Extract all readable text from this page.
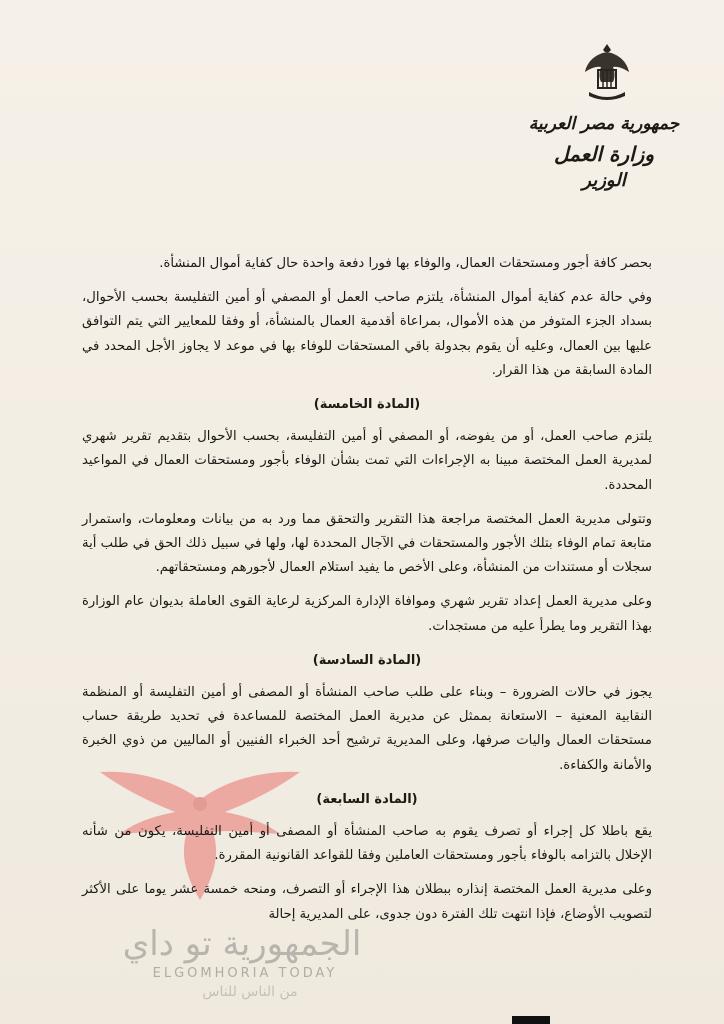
جمهورية مصر العربية
وزارة العمل
الوزير

بحصر كافة أجور ومستحقات العمال، والوفاء بها فورا دفعة واحدة حال كفاية أموال المنشأة.

وفي حالة عدم كفاية أموال المنشأة، يلتزم صاحب العمل أو المصفي أو أمين التفليسة بحسب الأحوال، بسداد الجزء المتوفر من هذه الأموال، بمراعاة أقدمية العمال بالمنشأة، أو وفقا للمعايير التي يتم التوافق عليها بين العمال، وعليه أن يقوم بجدولة باقي المستحقات للوفاء بها في موعد لا يجاوز الأجل المحدد في المادة السابقة من هذا القرار.

(المادة الخامسة)

يلتزم صاحب العمل، أو من يفوضه، أو المصفي أو أمين التفليسة، بحسب الأحوال بتقديم تقرير شهري لمديرية العمل المختصة مبينا به الإجراءات التي تمت بشأن الوفاء بأجور ومستحقات العمال في المواعيد المحددة.

وتتولى مديرية العمل المختصة مراجعة هذا التقرير والتحقق مما ورد به من بيانات ومعلومات، واستمرار متابعة تمام الوفاء بتلك الأجور والمستحقات في الآجال المحددة لها، ولها في سبيل ذلك الحق في طلب أية سجلات أو مستندات من المنشأة، وعلى الأخص ما يفيد استلام العمال لأجورهم ومستحقاتهم.

وعلى مديرية العمل إعداد تقرير شهري وموافاة الإدارة المركزية لرعاية القوى العاملة بديوان عام الوزارة بهذا التقرير وما يطرأ عليه من مستجدات.

(المادة السادسة)

يجوز في حالات الضرورة – وبناء على طلب صاحب المنشأة أو المصفى أو أمين التفليسة أو المنظمة النقابية المعنية – الاستعانة بممثل عن مديرية العمل المختصة للمساعدة في تحديد طريقة حساب مستحقات العمال واليات صرفها، وعلى المديرية ترشيح أحد الخبراء الفنيين أو الماليين من ذوي الخبرة والأمانة والكفاءة.

(المادة السابعة)

يقع باطلا كل إجراء أو تصرف يقوم به صاحب المنشأة أو المصفى أو أمين التفليسة، يكون من شأنه الإخلال بالتزامه بالوفاء بأجور ومستحقات العاملين وفقا للقواعد القانونية المقررة.

وعلى مديرية العمل المختصة إنذاره ببطلان هذا الإجراء أو التصرف، ومنحه خمسة عشر يوما على الأكثر لتصويب الأوضاع، فإذا انتهت تلك الفترة دون جدوى، على المديرية إحالة

الجمهورية تو داي
ELGOMHORIA TODAY
من الناس للناس
